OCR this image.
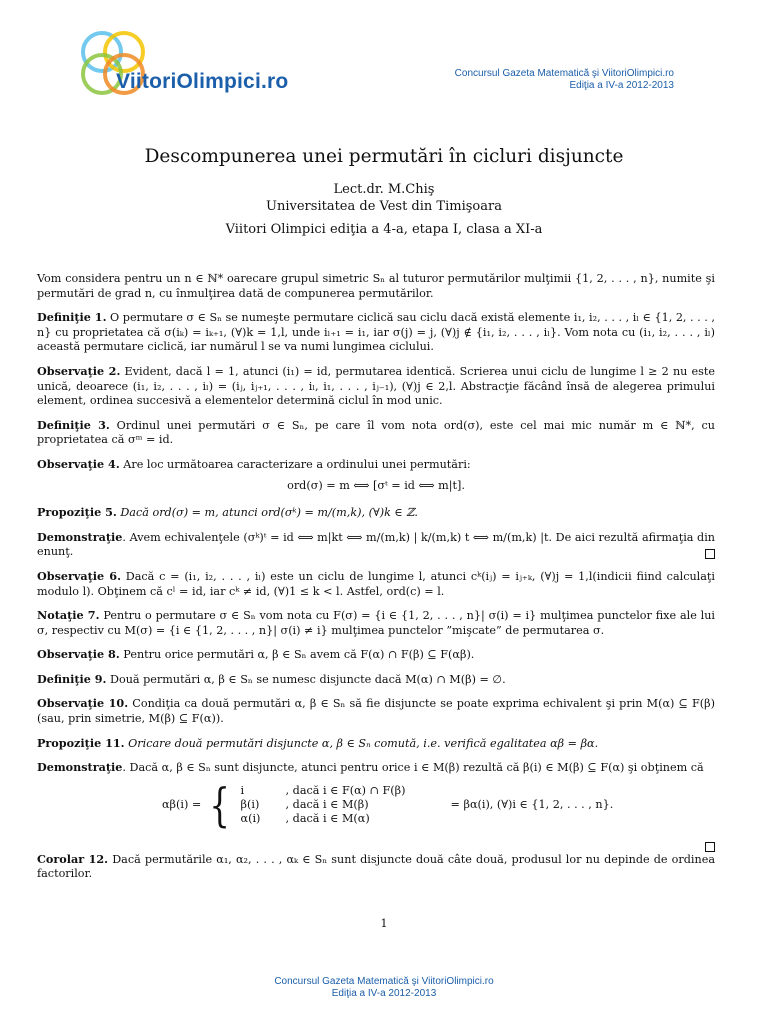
ViitoriOlimpici.ro	Concursul Gazeta Matematică şi ViitoriOlimpici.ro
Ediţia a IV-a 2012-2013
Descompunerea unei permutări în cicluri disjuncte
Lect.dr. M.Chiş
Universitatea de Vest din Timişoara
Viitori Olimpici ediţia a 4-a, etapa I, clasa a XI-a

Vom considera pentru un n ∈ ℕ* oarecare grupul simetric Sₙ al tuturor permutărilor mulţimii {1, 2, . . . , n}, numite şi permutări de grad n, cu înmulţirea dată de compunerea permutărilor.

Definiţie 1. O permutare σ ∈ Sₙ se numeşte permutare ciclică sau ciclu dacă există elemente i₁, i₂, . . . , iₗ ∈ {1, 2, . . . , n} cu proprietatea că σ(iₖ) = iₖ₊₁, (∀)k = 1,l, unde iₗ₊₁ = i₁, iar σ(j) = j, (∀)j ∉ {i₁, i₂, . . . , iₗ}. Vom nota cu (i₁, i₂, . . . , iₗ) această permutare ciclică, iar numărul l se va numi lungimea ciclului.

Observaţie 2. Evident, dacă l = 1, atunci (i₁) = id, permutarea identică. Scrierea unui ciclu de lungime l ≥ 2 nu este unică, deoarece (i₁, i₂, . . . , iₗ) = (iⱼ, iⱼ₊₁, . . . , iₗ, i₁, . . . , iⱼ₋₁), (∀)j ∈ 2,l. Abstracţie făcând însă de alegerea primului element, ordinea succesivă a elementelor determină ciclul în mod unic.

Definiţie 3. Ordinul unei permutări σ ∈ Sₙ, pe care îl vom nota ord(σ), este cel mai mic număr m ∈ ℕ*, cu proprietatea că σᵐ = id.

Observaţie 4. Are loc următoarea caracterizare a ordinului unei permutări:

ord(σ) = m ⟺ [σᵗ = id ⟺ m|t].

Propoziţie 5. Dacă ord(σ) = m, atunci ord(σᵏ) = m/(m,k), (∀)k ∈ ℤ.

Demonstraţie. Avem echivalenţele (σᵏ)ᵗ = id ⟺ m|kt ⟺ m/(m,k) | k/(m,k) t ⟺ m/(m,k) |t. De aici rezultă afirmaţia din enunţ.

Observaţie 6. Dacă c = (i₁, i₂, . . . , iₗ) este un ciclu de lungime l, atunci cᵏ(iⱼ) = iⱼ₊ₖ, (∀)j = 1,l(indicii fiind calculaţi modulo l). Obţinem că cˡ = id, iar cᵏ ≠ id, (∀)1 ≤ k < l. Astfel, ord(c) = l.

Notaţie 7. Pentru o permutare σ ∈ Sₙ vom nota cu F(σ) = {i ∈ {1, 2, . . . , n}| σ(i) = i} mulţimea punctelor fixe ale lui σ, respectiv cu M(σ) = {i ∈ {1, 2, . . . , n}| σ(i) ≠ i} mulţimea punctelor ”mişcate” de permutarea σ.

Observaţie 8. Pentru orice permutări α, β ∈ Sₙ avem că F(α) ∩ F(β) ⊆ F(αβ).

Definiţie 9. Două permutări α, β ∈ Sₙ se numesc disjuncte dacă M(α) ∩ M(β) = ∅.

Observaţie 10. Condiţia ca două permutări α, β ∈ Sₙ să fie disjuncte se poate exprima echivalent şi prin M(α) ⊆ F(β)(sau, prin simetrie, M(β) ⊆ F(α)).

Propoziţie 11. Oricare două permutări disjuncte α, β ∈ Sₙ comută, i.e. verifică egalitatea αβ = βα.

Demonstraţie. Dacă α, β ∈ Sₙ sunt disjuncte, atunci pentru orice i ∈ M(β) rezultă că β(i) ∈ M(β) ⊆ F(α) şi obţinem că

αβ(i) = { i
β(i)
α(i)
, dacă i ∈ F(α) ∩ F(β)
, dacă i ∈ M(β)
, dacă i ∈ M(α)
= βα(i), (∀)i ∈ {1, 2, . . . , n}.

Corolar 12. Dacă permutările α₁, α₂, . . . , αₖ ∈ Sₙ sunt disjuncte două câte două, produsul lor nu depinde de ordinea factorilor.

1
Concursul Gazeta Matematică şi ViitoriOlimpici.ro
Ediţia a IV-a 2012-2013
